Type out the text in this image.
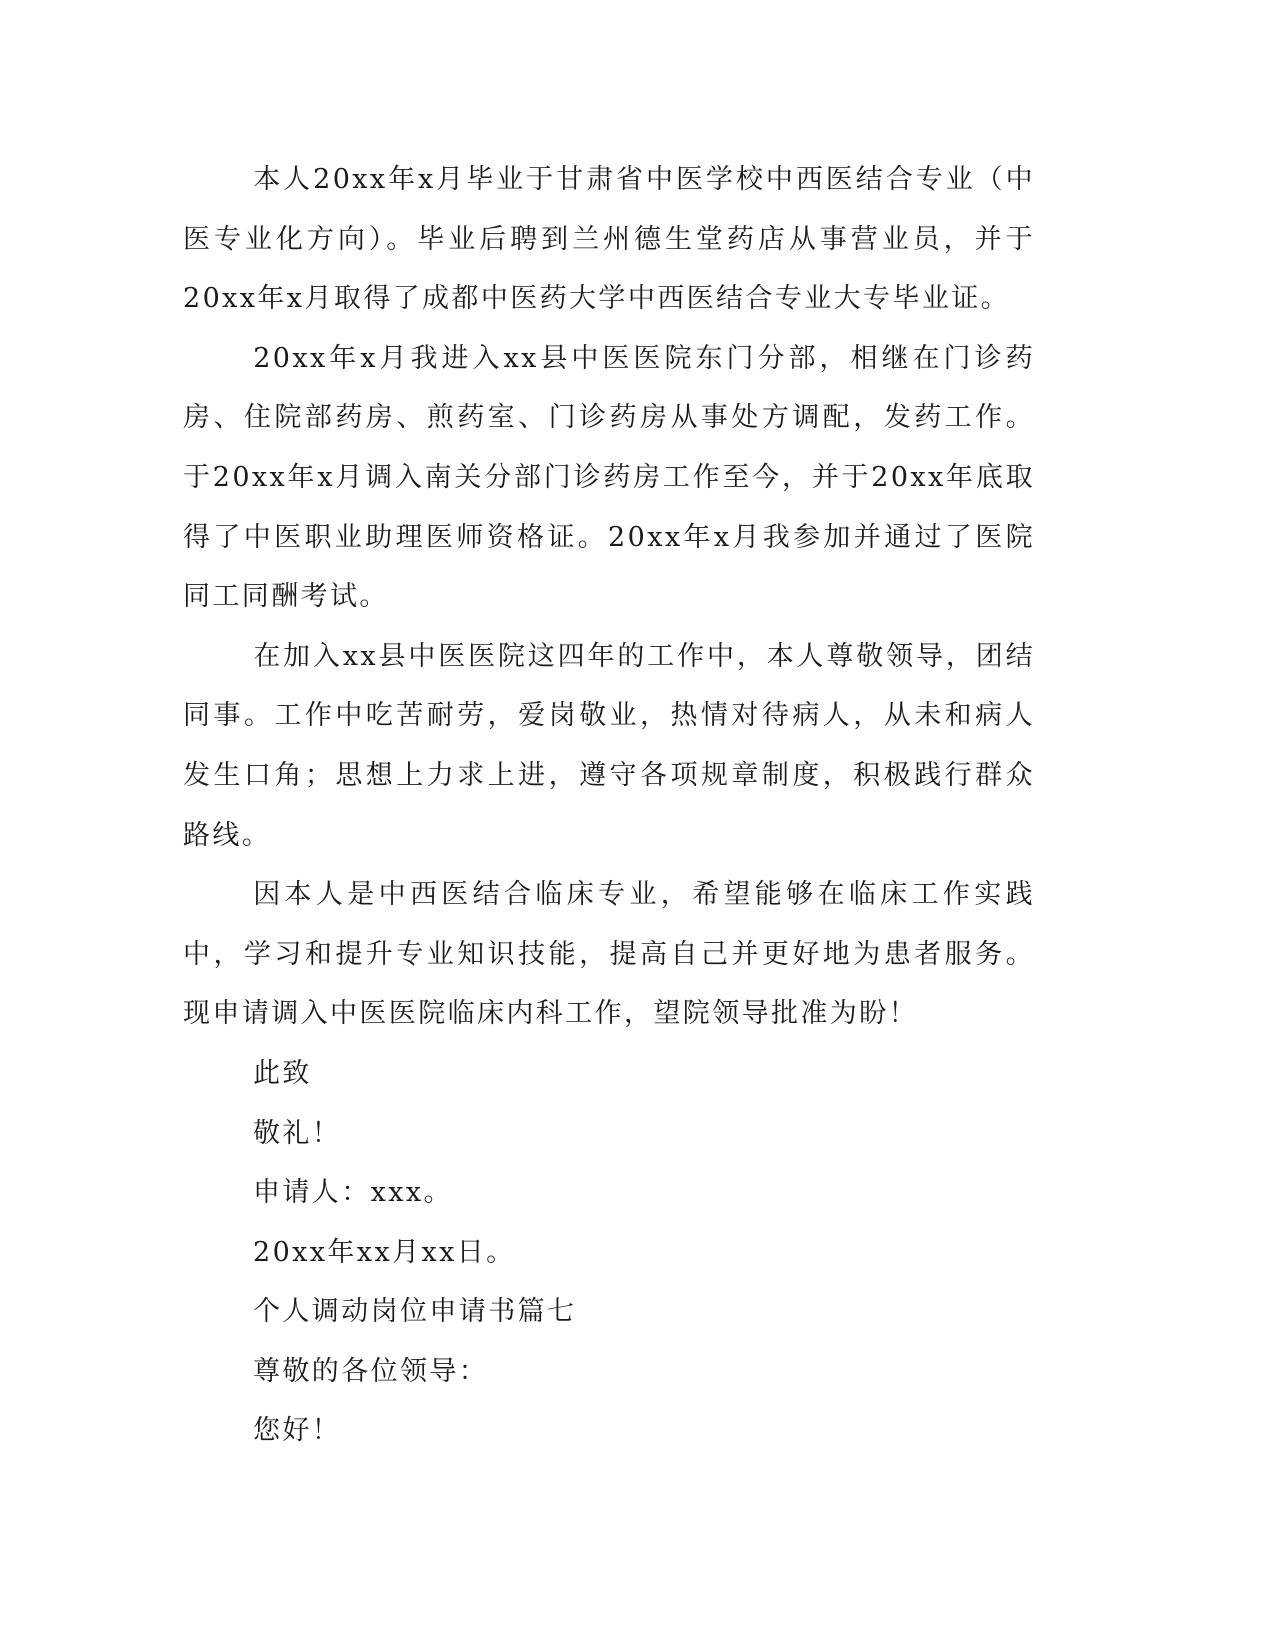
本人20xx年x月毕业于甘肃省中医学校中西医结合专业（中医专业化方向）。毕业后聘到兰州德生堂药店从事营业员，并于20xx年x月取得了成都中医药大学中西医结合专业大专毕业证。

20xx年x月我进入xx县中医医院东门分部，相继在门诊药房、住院部药房、煎药室、门诊药房从事处方调配，发药工作。于20xx年x月调入南关分部门诊药房工作至今，并于20xx年底取得了中医职业助理医师资格证。20xx年x月我参加并通过了医院同工同酬考试。

在加入xx县中医医院这四年的工作中，本人尊敬领导，团结同事。工作中吃苦耐劳，爱岗敬业，热情对待病人，从未和病人发生口角；思想上力求上进，遵守各项规章制度，积极践行群众路线。

因本人是中西医结合临床专业，希望能够在临床工作实践中，学习和提升专业知识技能，提高自己并更好地为患者服务。现申请调入中医医院临床内科工作，望院领导批准为盼！

此致

敬礼！

申请人：xxx。

20xx年xx月xx日。

个人调动岗位申请书篇七

尊敬的各位领导：

您好！
